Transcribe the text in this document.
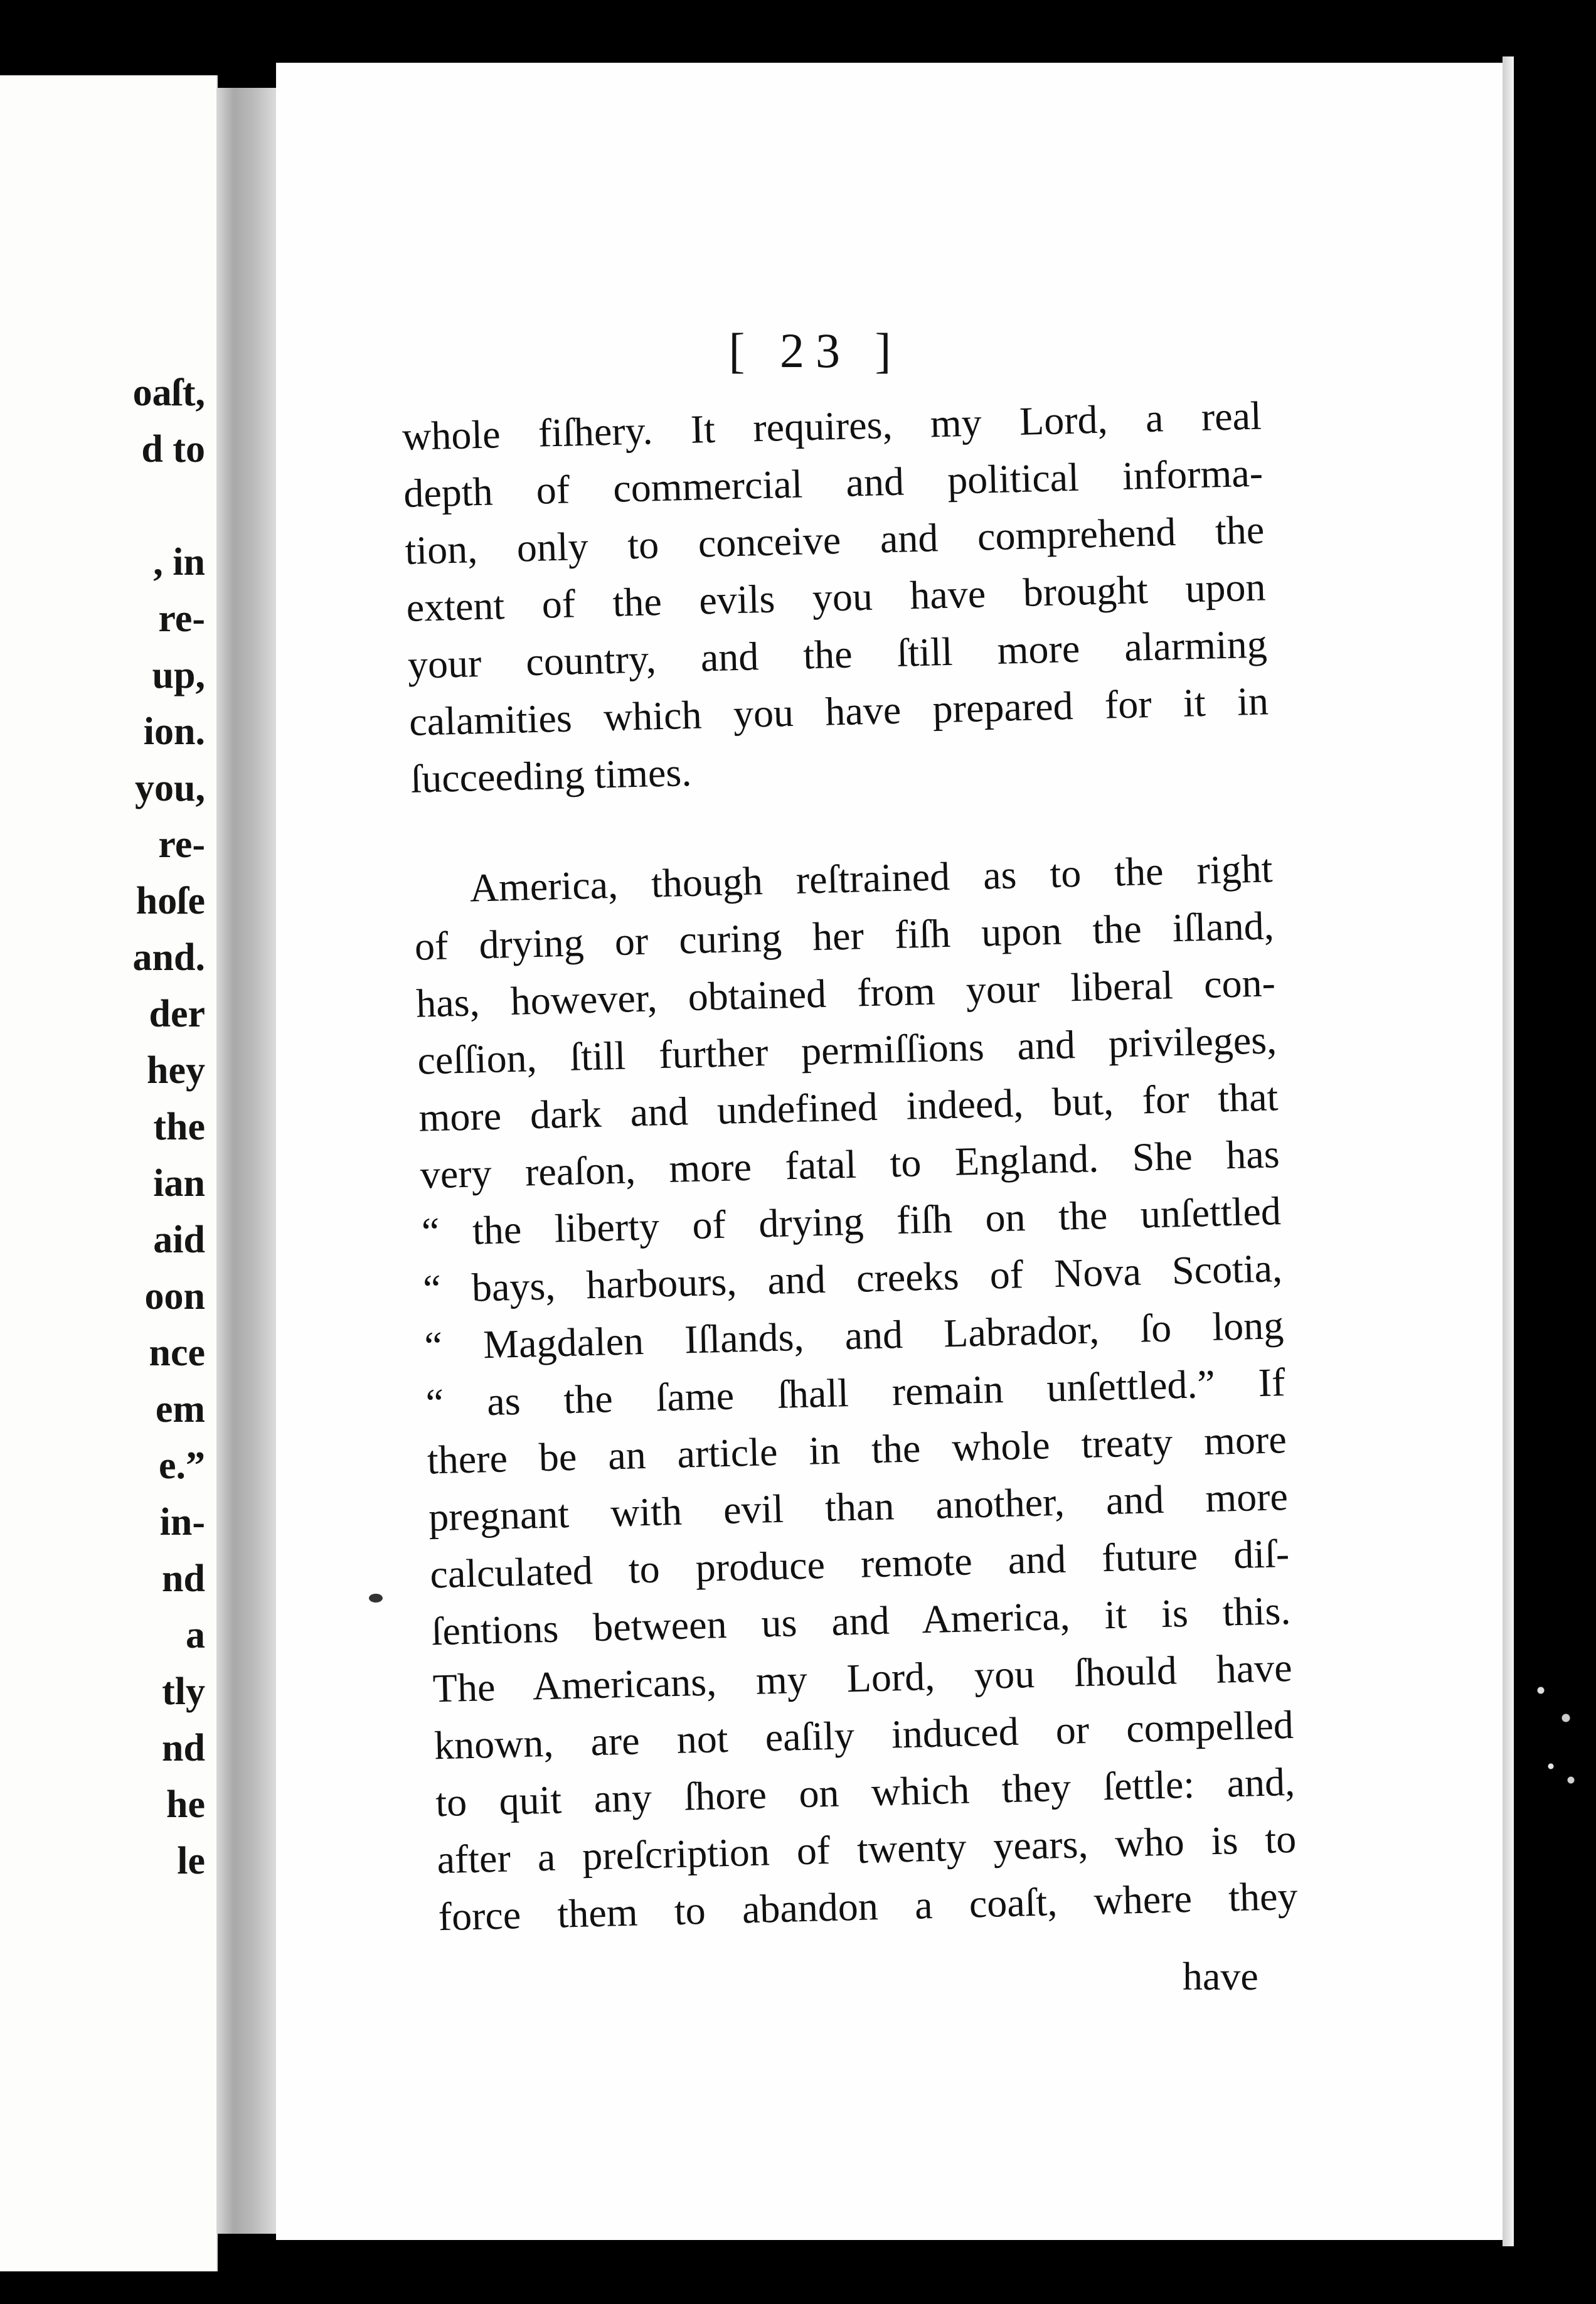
oaſt,
d to
, in
re-
up,
ion.
you,
re-
hoſe
and.
der
hey
the
ian
aid
oon
nce
em
e.”
in-
nd
a
tly
nd
he
le
[ 23 ]
whole fiſhery. It requires, my Lord, a real
depth of commercial and political informa-
tion, only to conceive and comprehend the
extent of the evils you have brought upon
your country, and the ſtill more alarming
calamities which you have prepared for it in
ſucceeding times.
America, though reſtrained as to the right
of drying or curing her fiſh upon the iſland,
has, however, obtained from your liberal con-
ceſſion, ſtill further permiſſions and privileges,
more dark and undefined indeed, but, for that
very reaſon, more fatal to England. She has
“ the liberty of drying fiſh on the unſettled
“ bays, harbours, and creeks of Nova Scotia,
“ Magdalen Iſlands, and Labrador, ſo long
“ as the ſame ſhall remain unſettled.” If
there be an article in the whole treaty more
pregnant with evil than another, and more
calculated to produce remote and future diſ-
ſentions between us and America, it is this.
The Americans, my Lord, you ſhould have
known, are not eaſily induced or compelled
to quit any ſhore on which they ſettle: and,
after a preſcription of twenty years, who is to
force them to abandon a coaſt, where they
have
